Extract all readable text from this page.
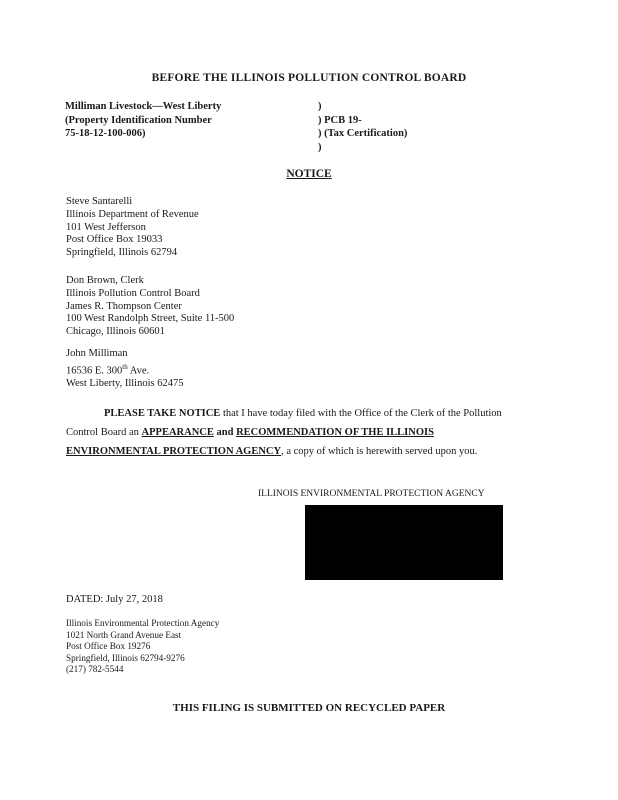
BEFORE THE ILLINOIS POLLUTION CONTROL BOARD
Milliman Livestock—West Liberty
(Property Identification Number
75-18-12-100-006)
)
) PCB 19-
) (Tax Certification)
)
NOTICE
Steve Santarelli
Illinois Department of Revenue
101 West Jefferson
Post Office Box 19033
Springfield, Illinois 62794
Don Brown, Clerk
Illinois Pollution Control Board
James R. Thompson Center
100 West Randolph Street, Suite 11-500
Chicago, Illinois 60601
John Milliman
16536 E. 300th Ave.
West Liberty, Illinois 62475
PLEASE TAKE NOTICE that I have today filed with the Office of the Clerk of the Pollution
Control Board an APPEARANCE and RECOMMENDATION OF THE ILLINOIS
ENVIRONMENTAL PROTECTION AGENCY, a copy of which is herewith served upon you.
ILLINOIS ENVIRONMENTAL PROTECTION AGENCY
DATED: July 27, 2018
Illinois Environmental Protection Agency
1021 North Grand Avenue East
Post Office Box 19276
Springfield, Illinois 62794-9276
(217) 782-5544
THIS FILING IS SUBMITTED ON RECYCLED PAPER
